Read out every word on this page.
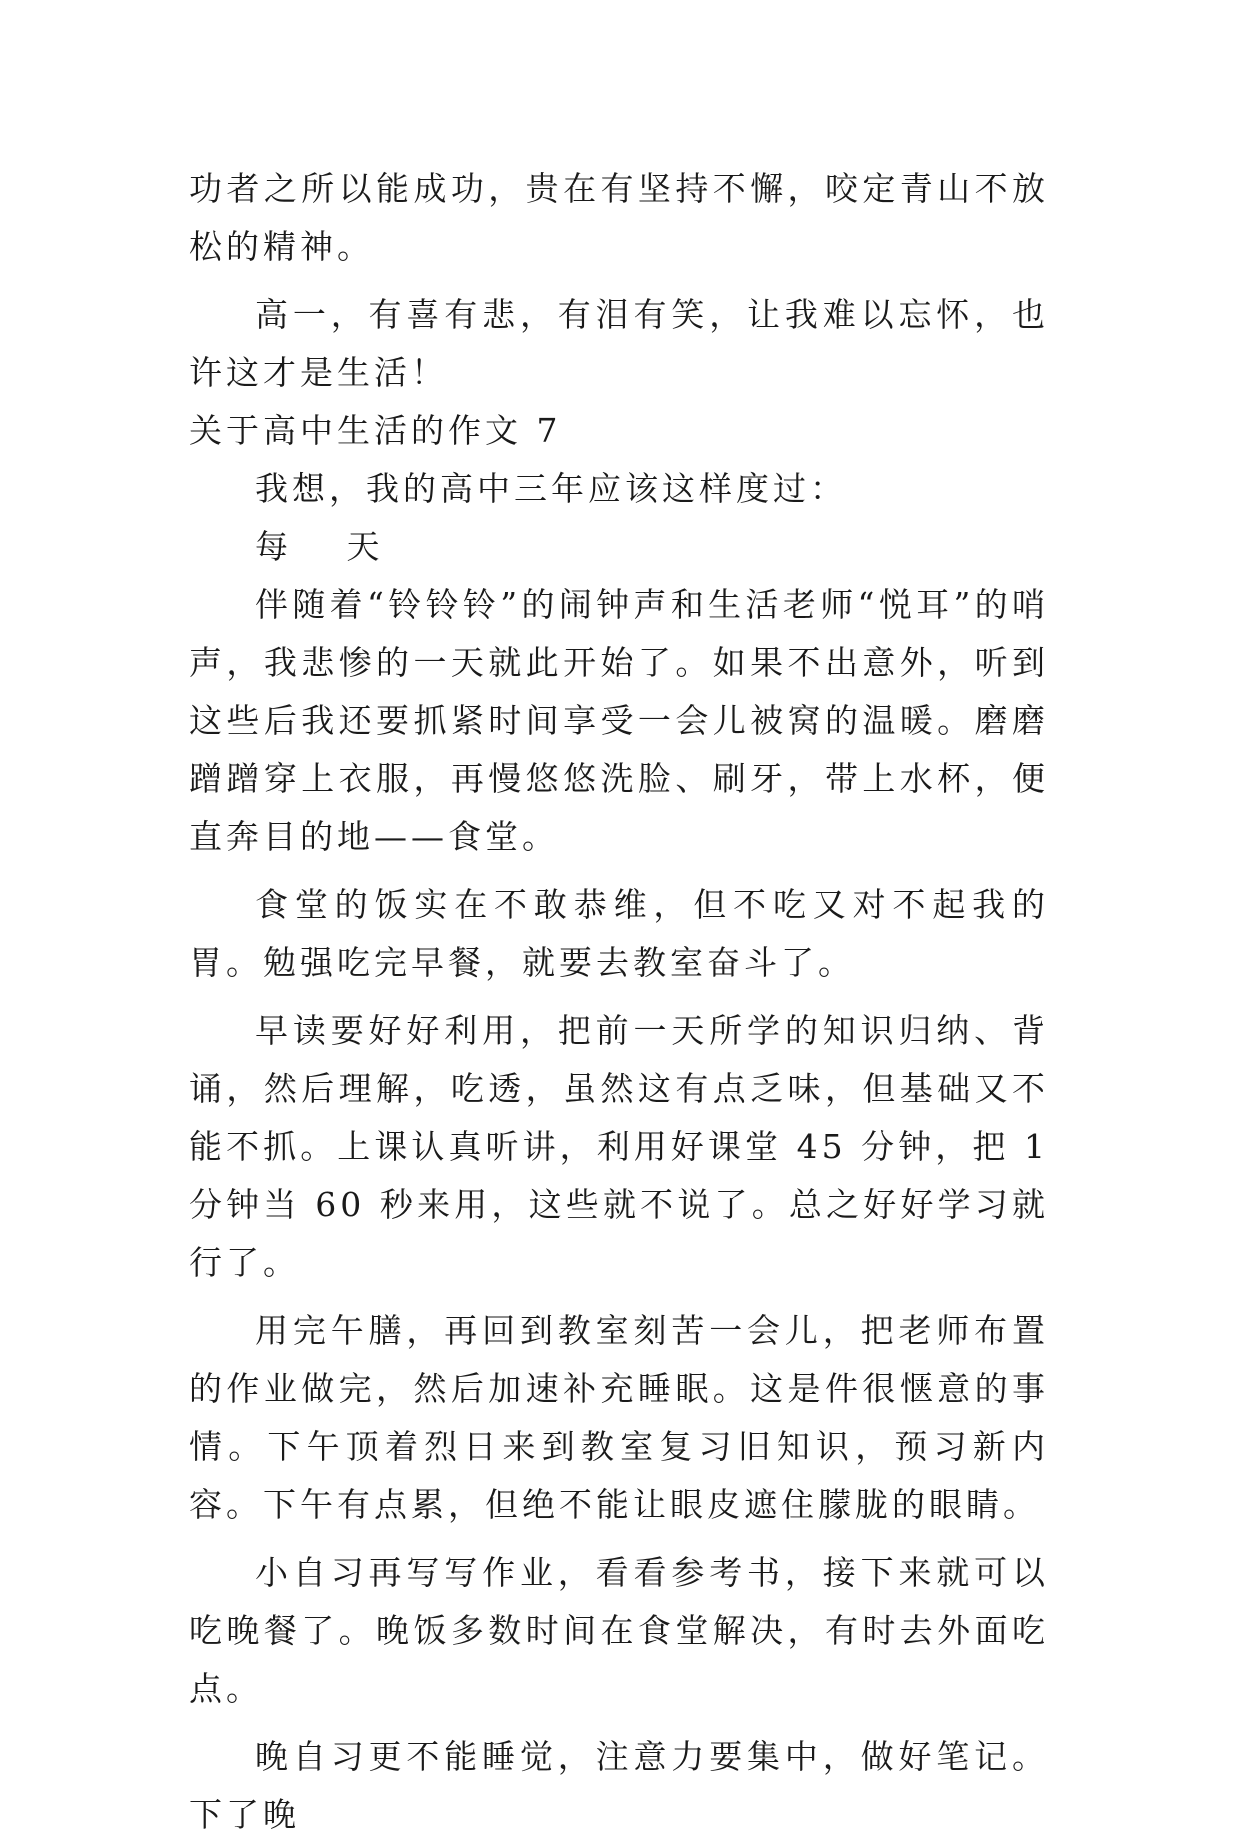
功者之所以能成功，贵在有坚持不懈，咬定青山不放松的精神。

高一，有喜有悲，有泪有笑，让我难以忘怀，也许这才是生活！

关于高中生活的作文 7

我想，我的高中三年应该这样度过：

每 天

伴随着“铃铃铃”的闹钟声和生活老师“悦耳”的哨声，我悲惨的一天就此开始了。如果不出意外，听到这些后我还要抓紧时间享受一会儿被窝的温暖。磨磨蹭蹭穿上衣服，再慢悠悠洗脸、刷牙，带上水杯，便直奔目的地——食堂。

食堂的饭实在不敢恭维，但不吃又对不起我的胃。勉强吃完早餐，就要去教室奋斗了。

早读要好好利用，把前一天所学的知识归纳、背诵，然后理解，吃透，虽然这有点乏味，但基础又不能不抓。上课认真听讲，利用好课堂 45 分钟，把 1 分钟当 60 秒来用，这些就不说了。总之好好学习就行了。

用完午膳，再回到教室刻苦一会儿，把老师布置的作业做完，然后加速补充睡眠。这是件很惬意的事情。下午顶着烈日来到教室复习旧知识，预习新内容。下午有点累，但绝不能让眼皮遮住朦胧的眼睛。

小自习再写写作业，看看参考书，接下来就可以吃晚餐了。晚饭多数时间在食堂解决，有时去外面吃点。

晚自习更不能睡觉，注意力要集中，做好笔记。下了晚
